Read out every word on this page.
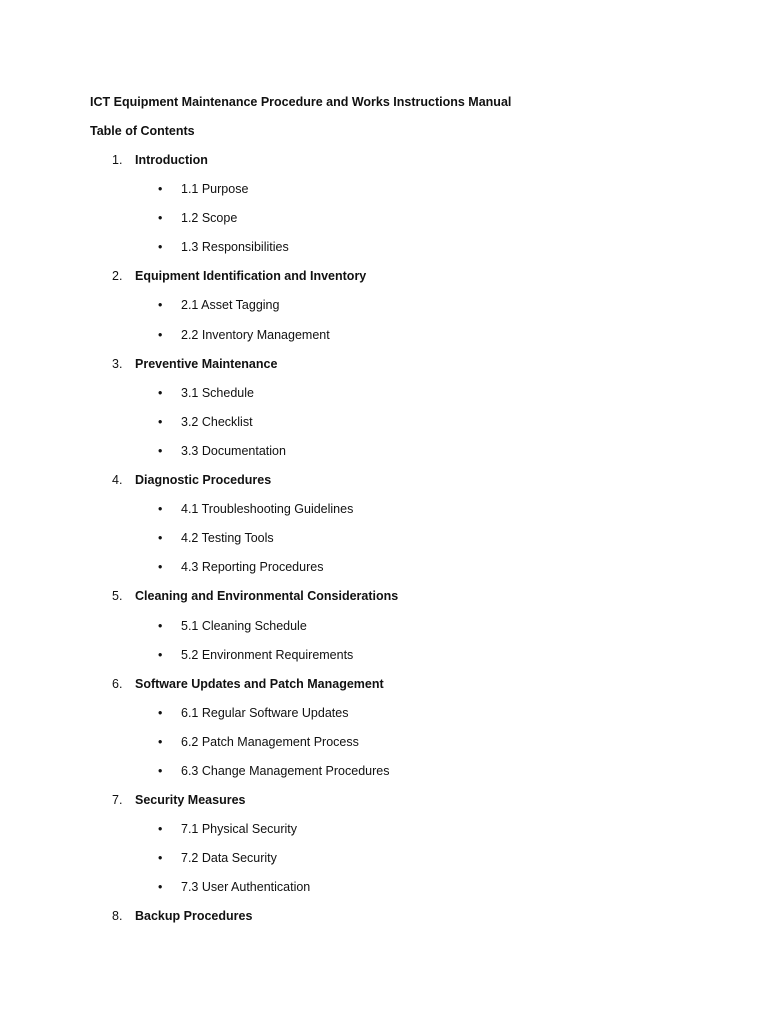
ICT Equipment Maintenance Procedure and Works Instructions Manual
Table of Contents
1.	Introduction
• 1.1 Purpose
• 1.2 Scope
• 1.3 Responsibilities
2.	Equipment Identification and Inventory
• 2.1 Asset Tagging
• 2.2 Inventory Management
3.	Preventive Maintenance
• 3.1 Schedule
• 3.2 Checklist
• 3.3 Documentation
4.	Diagnostic Procedures
• 4.1 Troubleshooting Guidelines
• 4.2 Testing Tools
• 4.3 Reporting Procedures
5.	Cleaning and Environmental Considerations
• 5.1 Cleaning Schedule
• 5.2 Environment Requirements
6.	Software Updates and Patch Management
• 6.1 Regular Software Updates
• 6.2 Patch Management Process
• 6.3 Change Management Procedures
7.	Security Measures
• 7.1 Physical Security
• 7.2 Data Security
• 7.3 User Authentication
8.	Backup Procedures
